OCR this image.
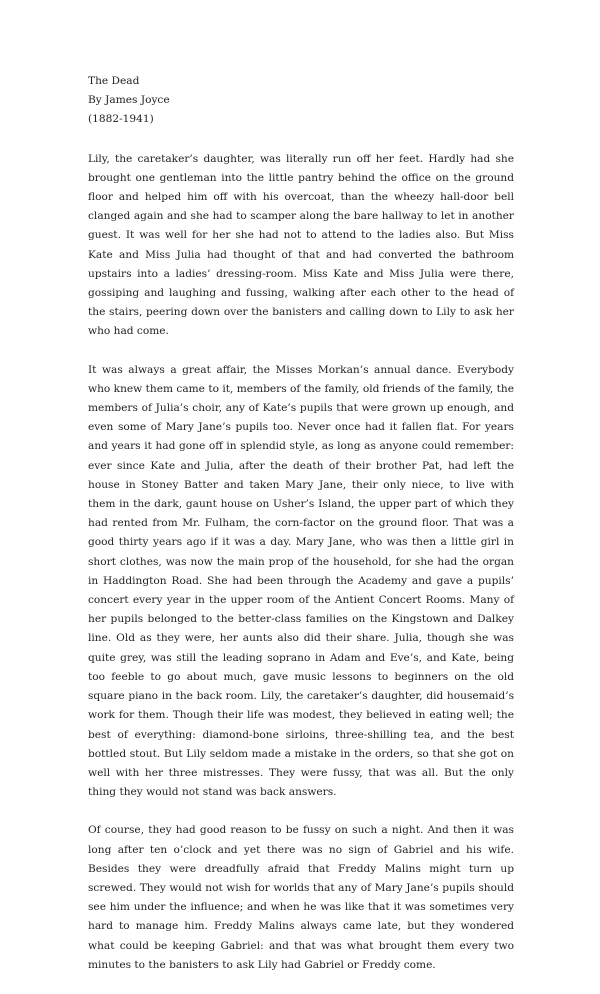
The Dead
By James Joyce
(1882-1941)

Lily, the caretaker’s daughter, was literally run off her feet. Hardly had she brought one gentleman into the little pantry behind the office on the ground floor and helped him off with his overcoat, than the wheezy hall-door bell clanged again and she had to scamper along the bare hallway to let in another guest. It was well for her she had not to attend to the ladies also. But Miss Kate and Miss Julia had thought of that and had converted the bathroom upstairs into a ladies’ dressing-room. Miss Kate and Miss Julia were there, gossiping and laughing and fussing, walking after each other to the head of the stairs, peering down over the banisters and calling down to Lily to ask her who had come.

It was always a great affair, the Misses Morkan’s annual dance. Everybody who knew them came to it, members of the family, old friends of the family, the members of Julia’s choir, any of Kate’s pupils that were grown up enough, and even some of Mary Jane’s pupils too. Never once had it fallen flat. For years and years it had gone off in splendid style, as long as anyone could remember: ever since Kate and Julia, after the death of their brother Pat, had left the house in Stoney Batter and taken Mary Jane, their only niece, to live with them in the dark, gaunt house on Usher’s Island, the upper part of which they had rented from Mr. Fulham, the corn-factor on the ground floor. That was a good thirty years ago if it was a day. Mary Jane, who was then a little girl in short clothes, was now the main prop of the household, for she had the organ in Haddington Road. She had been through the Academy and gave a pupils’ concert every year in the upper room of the Antient Concert Rooms. Many of her pupils belonged to the better-class families on the Kingstown and Dalkey line. Old as they were, her aunts also did their share. Julia, though she was quite grey, was still the leading soprano in Adam and Eve’s, and Kate, being too feeble to go about much, gave music lessons to beginners on the old square piano in the back room. Lily, the caretaker’s daughter, did housemaid’s work for them. Though their life was modest, they believed in eating well; the best of everything: diamond-bone sirloins, three-shilling tea, and the best bottled stout. But Lily seldom made a mistake in the orders, so that she got on well with her three mistresses. They were fussy, that was all. But the only thing they would not stand was back answers.

Of course, they had good reason to be fussy on such a night. And then it was long after ten o’clock and yet there was no sign of Gabriel and his wife. Besides they were dreadfully afraid that Freddy Malins might turn up screwed. They would not wish for worlds that any of Mary Jane’s pupils should see him under the influence; and when he was like that it was sometimes very hard to manage him. Freddy Malins always came late, but they wondered what could be keeping Gabriel: and that was what brought them every two minutes to the banisters to ask Lily had Gabriel or Freddy come.
